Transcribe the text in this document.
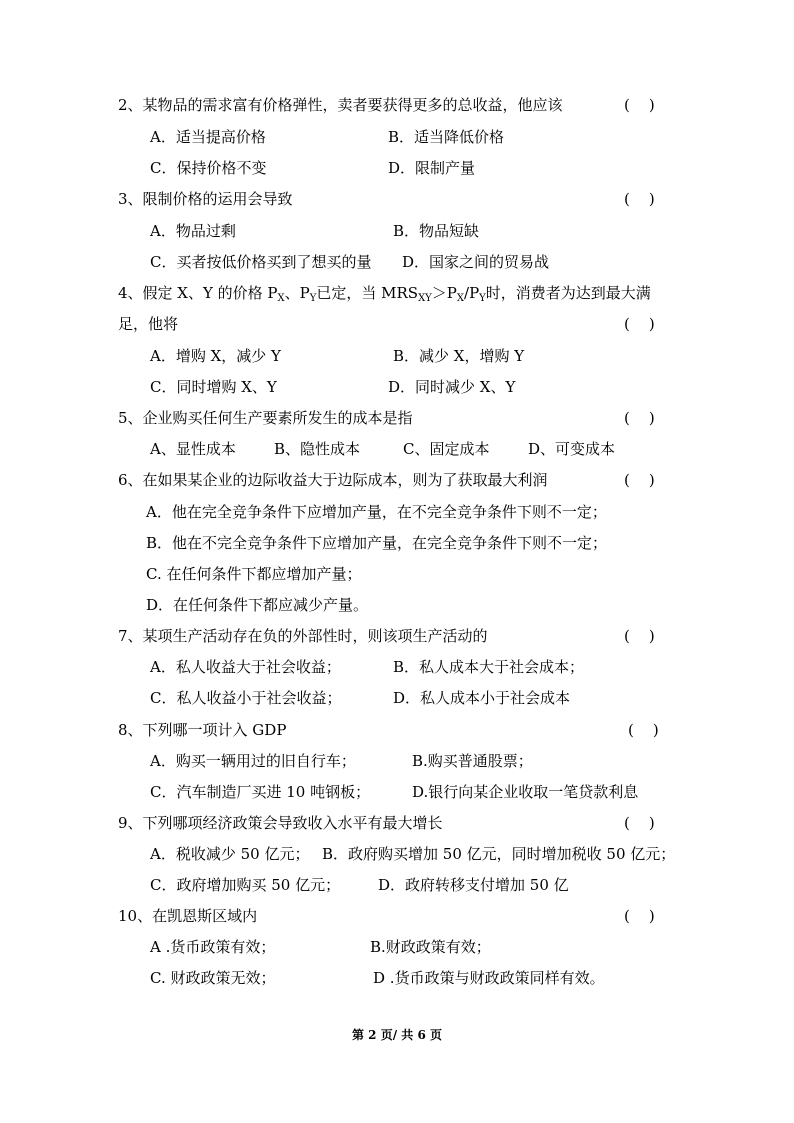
2、某物品的需求富有价格弹性，卖者要获得更多的总收益，他应该	(    )
A．适当提高价格	B．适当降低价格
C．保持价格不变	D．限制产量
3、限制价格的运用会导致	(    )
A．物品过剩	B．物品短缺
C．买者按低价格买到了想买的量 D．国家之间的贸易战
4、假定 X、Y 的价格 $P_X$、$P_Y$已定，当 $MRS_{XY}>P_X/P_Y$时，消费者为达到最大满
足，他将	(    )
A．增购 X，减少 Y	B．减少 X，增购 Y
C．同时增购 X、Y	D．同时减少 X、Y
5、企业购买任何生产要素所发生的成本是指	(    )
A、显性成本	B、隐性成本	C、固定成本	D、可变成本
6、在如果某企业的边际收益大于边际成本，则为了获取最大利润	(    )
A．他在完全竞争条件下应增加产量，在不完全竞争条件下则不一定；
B．他在不完全竞争条件下应增加产量，在完全竞争条件下则不一定；
C. 在任何条件下都应增加产量；
D．在任何条件下都应减少产量。
7、某项生产活动存在负的外部性时，则该项生产活动的	(    )
A．私人收益大于社会收益；	B．私人成本大于社会成本；
C．私人收益小于社会收益；	D．私人成本小于社会成本
8、下列哪一项计入 GDP	(    )
A．购买一辆用过的旧自行车；	B.购买普通股票；
C．汽车制造厂买进 10 吨钢板；	D.银行向某企业收取一笔贷款利息
9、下列哪项经济政策会导致收入水平有最大增长	(    )
A．税收减少 50 亿元； B．政府购买增加 50 亿元，同时增加税收 50 亿元；
C．政府增加购买 50 亿元；	D．政府转移支付增加 50 亿
10、在凯恩斯区域内	(    )
A .货币政策有效；	B.财政政策有效；
C. 财政政策无效；	D .货币政策与财政政策同样有效。
第 2 页/ 共 6 页
